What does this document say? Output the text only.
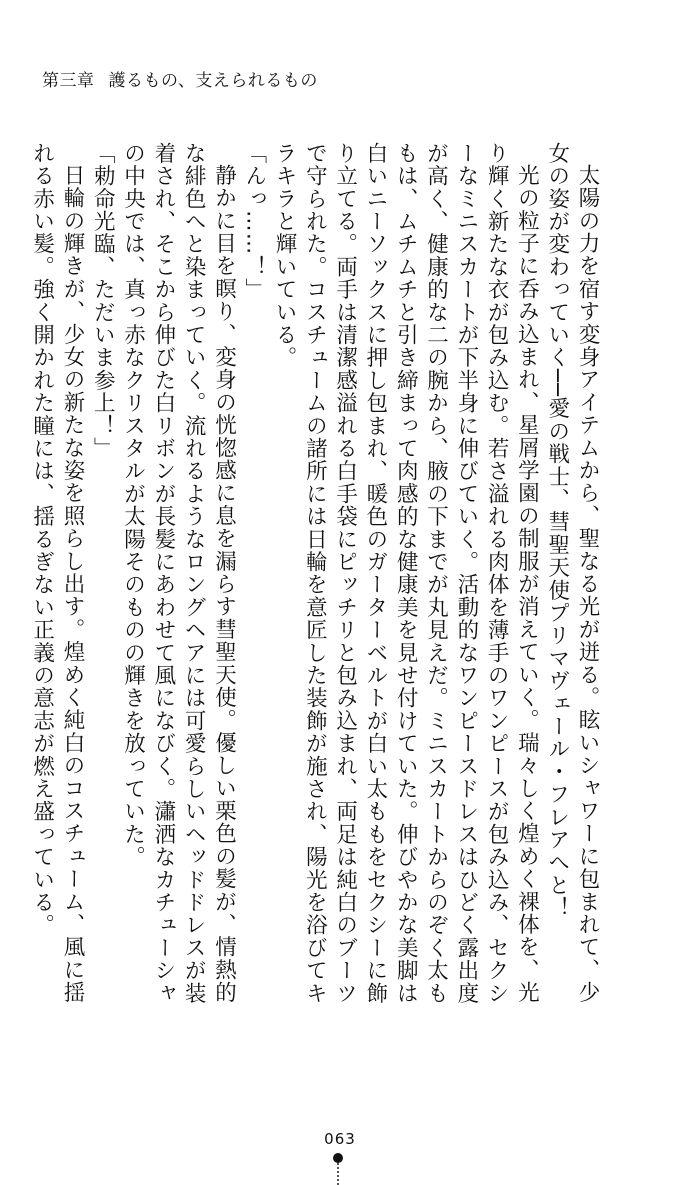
第三章 護るもの、支えられるもの

太陽の力を宿す変身アイテムから、聖なる光が迸る。眩いシャワーに包まれて、少女の姿が変わっていく──愛の戦士、彗聖天使プリマヴェール・フレアへと！

光の粒子に呑み込まれ、星屑学園の制服が消えていく。瑞々しく煌めく裸体を、光り輝く新たな衣が包み込む。若さ溢れる肉体を薄手のワンピースが包み込み、セクシーなミニスカートが下半身に伸びていく。活動的なワンピースドレスはひどく露出度が高く、健康的な二の腕から、腋の下までが丸見えだ。ミニスカートからのぞく太ももは、ムチムチと引き締まって肉感的な健康美を見せ付けていた。伸びやかな美脚は白いニーソックスに押し包まれ、暖色のガーターベルトが白い太ももをセクシーに飾り立てる。両手は清潔感溢れる白手袋にピッチリと包み込まれ、両足は純白のブーツで守られた。コスチュームの諸所には日輪を意匠した装飾が施され、陽光を浴びてキラキラと輝いている。

「んっ……！」

静かに目を瞑り、変身の恍惚感に息を漏らす彗聖天使。優しい栗色の髪が、情熱的な緋色へと染まっていく。流れるようなロングヘアには可愛らしいヘッドドレスが装着され、そこから伸びた白リボンが長髪にあわせて風になびく。瀟洒なカチューシャの中央では、真っ赤なクリスタルが太陽そのものの輝きを放っていた。

「勅命光臨、ただいま参上！」

日輪の輝きが、少女の新たな姿を照らし出す。煌めく純白のコスチューム、風に揺れる赤い髪。強く開かれた瞳には、揺るぎない正義の意志が燃え盛っている。

063
